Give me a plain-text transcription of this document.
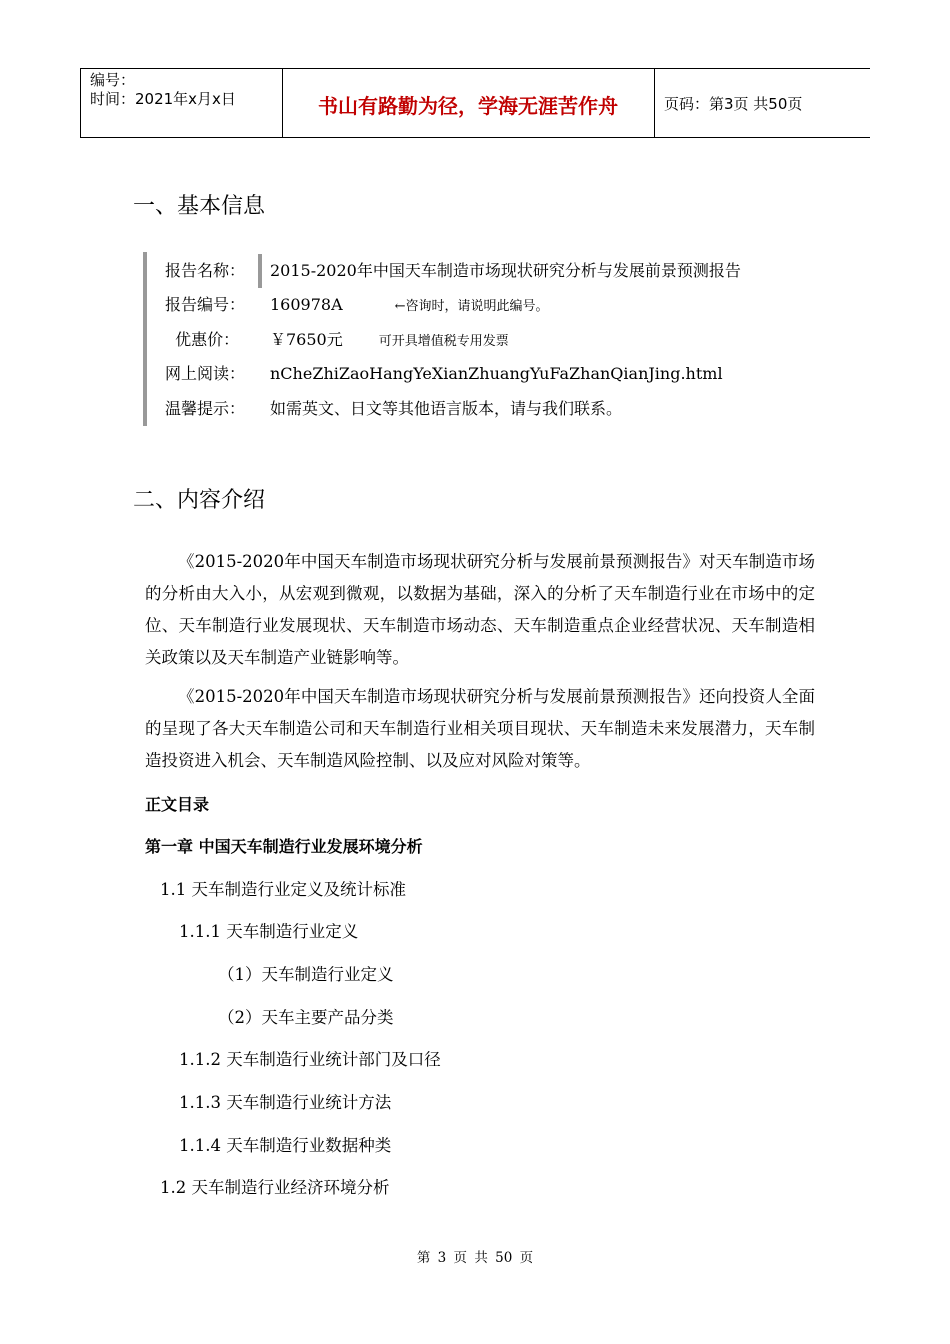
编号：
时间：2021年x月x日	书山有路勤为径，学海无涯苦作舟	页码：第3页 共50页
一、基本信息
报告名称： 2015-2020年中国天车制造市场现状研究分析与发展前景预测报告
报告编号： 160978A	←咨询时，请说明此编号。
优惠价： ￥7650元	可开具增值税专用发票
网上阅读： nCheZhiZaoHangYeXianZhuangYuFaZhanQianJing.html
温馨提示： 如需英文、日文等其他语言版本，请与我们联系。
二、内容介绍
《2015-2020年中国天车制造市场现状研究分析与发展前景预测报告》对天车制造市场的分析由大入小，从宏观到微观，以数据为基础，深入的分析了天车制造行业在市场中的定位、天车制造行业发展现状、天车制造市场动态、天车制造重点企业经营状况、天车制造相关政策以及天车制造产业链影响等。
《2015-2020年中国天车制造市场现状研究分析与发展前景预测报告》还向投资人全面的呈现了各大天车制造公司和天车制造行业相关项目现状、天车制造未来发展潜力，天车制造投资进入机会、天车制造风险控制、以及应对风险对策等。
正文目录
第一章 中国天车制造行业发展环境分析
1.1 天车制造行业定义及统计标准
1.1.1 天车制造行业定义
（1）天车制造行业定义
（2）天车主要产品分类
1.1.2 天车制造行业统计部门及口径
1.1.3 天车制造行业统计方法
1.1.4 天车制造行业数据种类
1.2 天车制造行业经济环境分析
第 3 页 共 50 页
